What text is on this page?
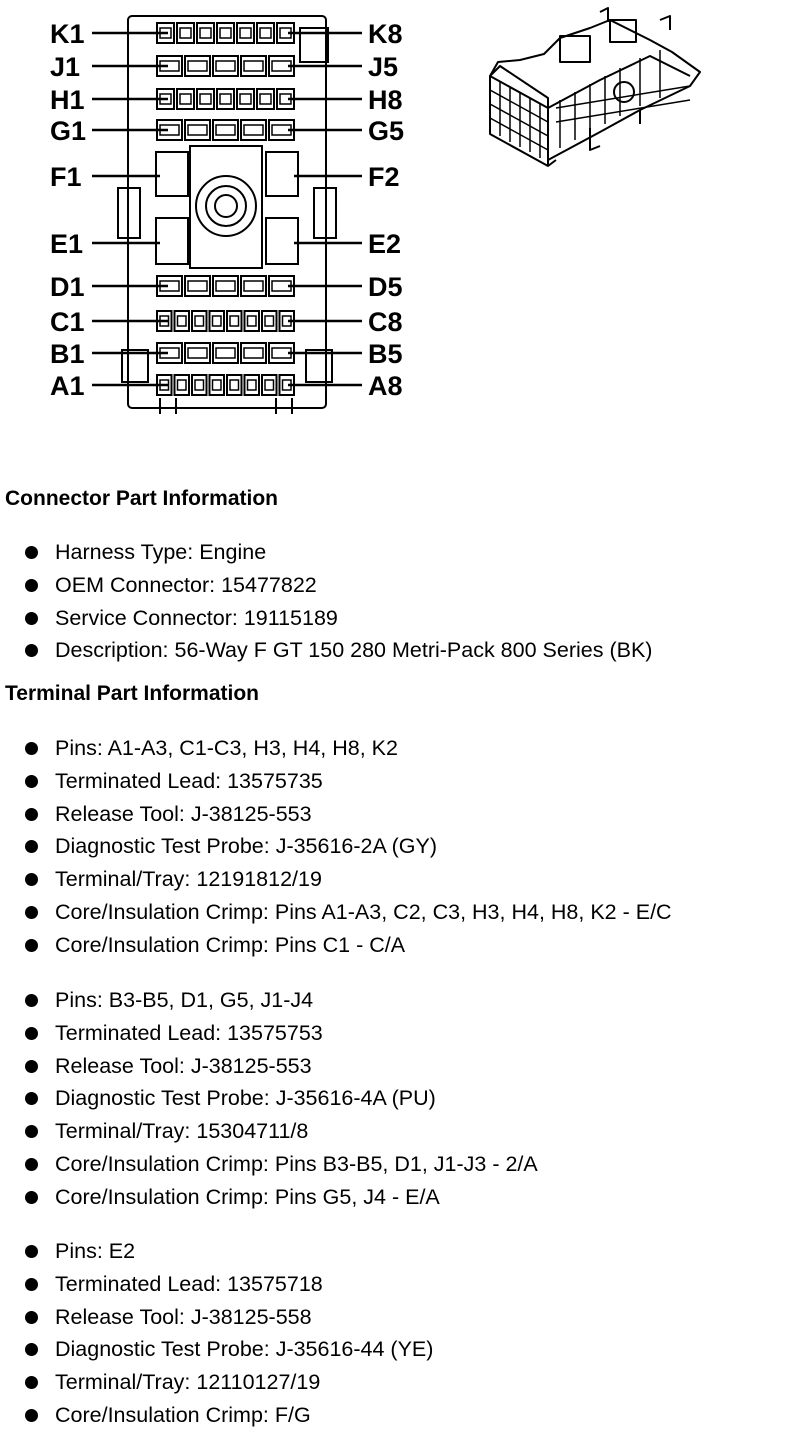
K1
J1
H1
G1
F1
E1
D1
C1
B1
A1
K8
J5
H8
G5
F2
E2
D5
C8
B5
A8
Connector Part Information
Harness Type: Engine
OEM Connector: 15477822
Service Connector: 19115189
Description: 56-Way F GT 150 280 Metri-Pack 800 Series (BK)
Terminal Part Information
Pins: A1-A3, C1-C3, H3, H4, H8, K2
Terminated Lead: 13575735
Release Tool: J-38125-553
Diagnostic Test Probe: J-35616-2A (GY)
Terminal/Tray: 12191812/19
Core/Insulation Crimp: Pins A1-A3, C2, C3, H3, H4, H8, K2 - E/C
Core/Insulation Crimp: Pins C1 - C/A
Pins: B3-B5, D1, G5, J1-J4
Terminated Lead: 13575753
Release Tool: J-38125-553
Diagnostic Test Probe: J-35616-4A (PU)
Terminal/Tray: 15304711/8
Core/Insulation Crimp: Pins B3-B5, D1, J1-J3 - 2/A
Core/Insulation Crimp: Pins G5, J4 - E/A
Pins: E2
Terminated Lead: 13575718
Release Tool: J-38125-558
Diagnostic Test Probe: J-35616-44 (YE)
Terminal/Tray: 12110127/19
Core/Insulation Crimp: F/G
